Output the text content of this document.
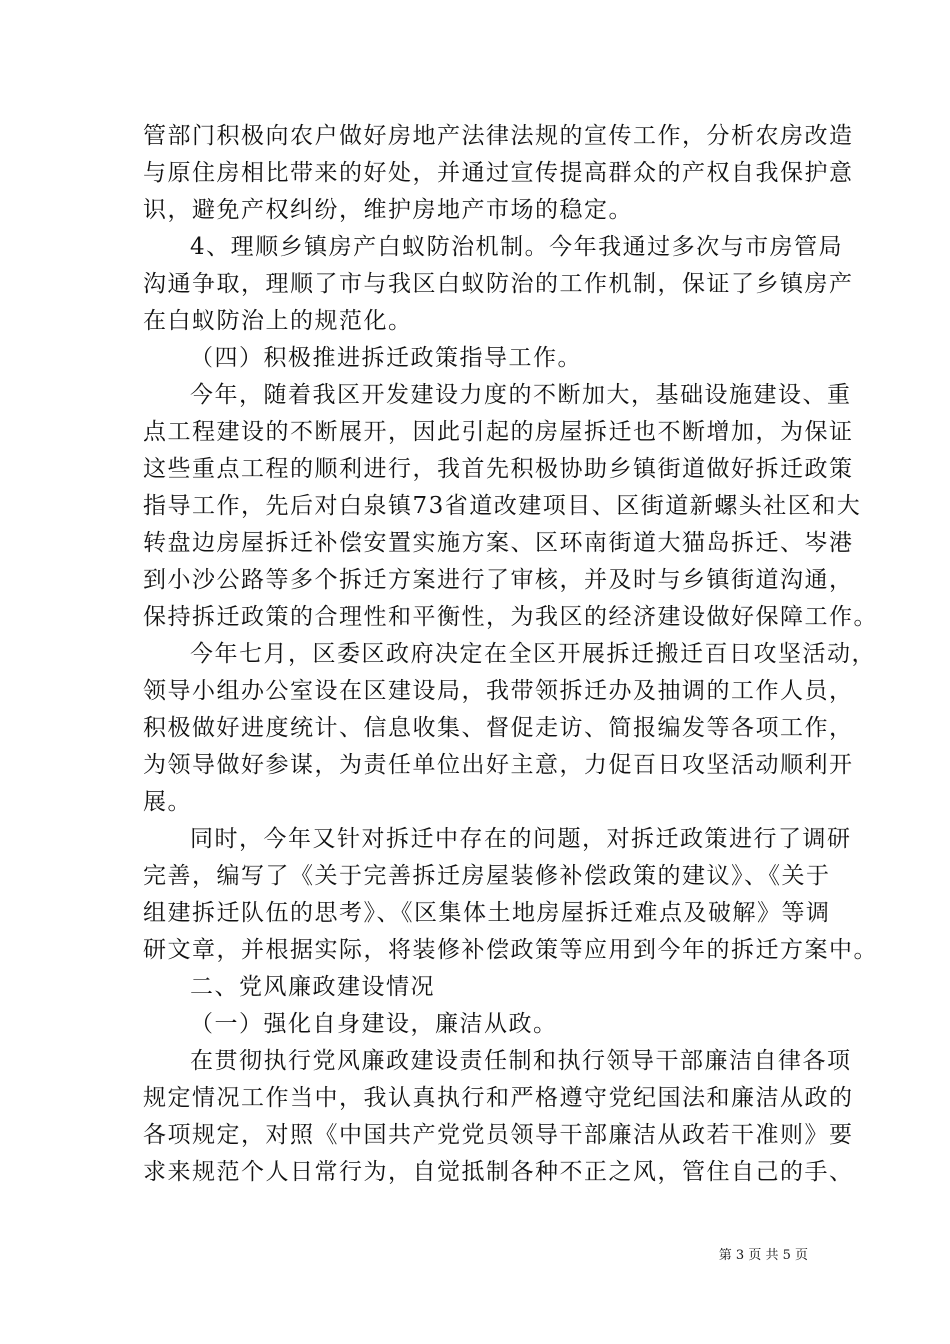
管部门积极向农户做好房地产法律法规的宣传工作，分析农房改造
与原住房相比带来的好处，并通过宣传提高群众的产权自我保护意
识，避免产权纠纷，维护房地产市场的稳定。
4、理顺乡镇房产白蚁防治机制。今年我通过多次与市房管局
沟通争取，理顺了市与我区白蚁防治的工作机制，保证了乡镇房产
在白蚁防治上的规范化。
（四）积极推进拆迁政策指导工作。
今年，随着我区开发建设力度的不断加大，基础设施建设、重
点工程建设的不断展开，因此引起的房屋拆迁也不断增加，为保证
这些重点工程的顺利进行，我首先积极协助乡镇街道做好拆迁政策
指导工作，先后对白泉镇73省道改建项目、区街道新螺头社区和大
转盘边房屋拆迁补偿安置实施方案、区环南街道大猫岛拆迁、岑港
到小沙公路等多个拆迁方案进行了审核，并及时与乡镇街道沟通，
保持拆迁政策的合理性和平衡性，为我区的经济建设做好保障工作。
今年七月，区委区政府决定在全区开展拆迁搬迁百日攻坚活动，
领导小组办公室设在区建设局，我带领拆迁办及抽调的工作人员，
积极做好进度统计、信息收集、督促走访、简报编发等各项工作，
为领导做好参谋，为责任单位出好主意，力促百日攻坚活动顺利开
展。
同时，今年又针对拆迁中存在的问题，对拆迁政策进行了调研
完善，编写了《关于完善拆迁房屋装修补偿政策的建议》、《关于
组建拆迁队伍的思考》、《区集体土地房屋拆迁难点及破解》等调
研文章，并根据实际，将装修补偿政策等应用到今年的拆迁方案中。
二、党风廉政建设情况
（一）强化自身建设，廉洁从政。
在贯彻执行党风廉政建设责任制和执行领导干部廉洁自律各项
规定情况工作当中，我认真执行和严格遵守党纪国法和廉洁从政的
各项规定，对照《中国共产党党员领导干部廉洁从政若干准则》要
求来规范个人日常行为，自觉抵制各种不正之风，管住自己的手、
第 3 页 共 5 页
